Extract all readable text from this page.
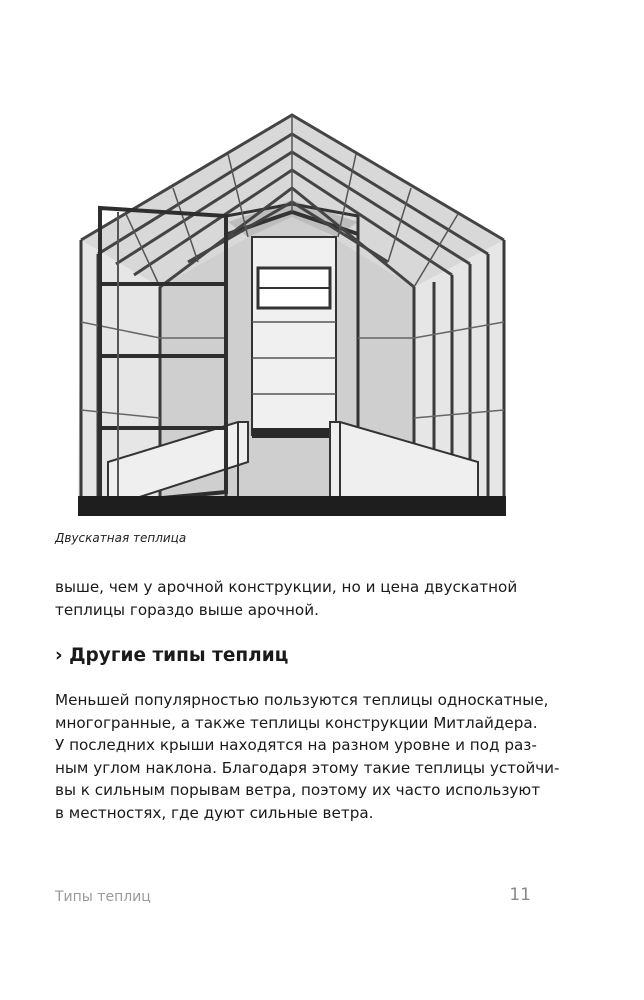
Двускатная теплица

выше, чем у арочной конструкции, но и цена двускатной
теплицы гораздо выше арочной.

› Другие типы теплиц

Меньшей популярностью пользуются теплицы односкатные,
многогранные, а также теплицы конструкции Митлайдера.
У последних крыши находятся на разном уровне и под раз-
ным углом наклона. Благодаря этому такие теплицы устойчи-
вы к сильным порывам ветра, поэтому их часто используют
в местностях, где дуют сильные ветра.

Типы теплиц	11
